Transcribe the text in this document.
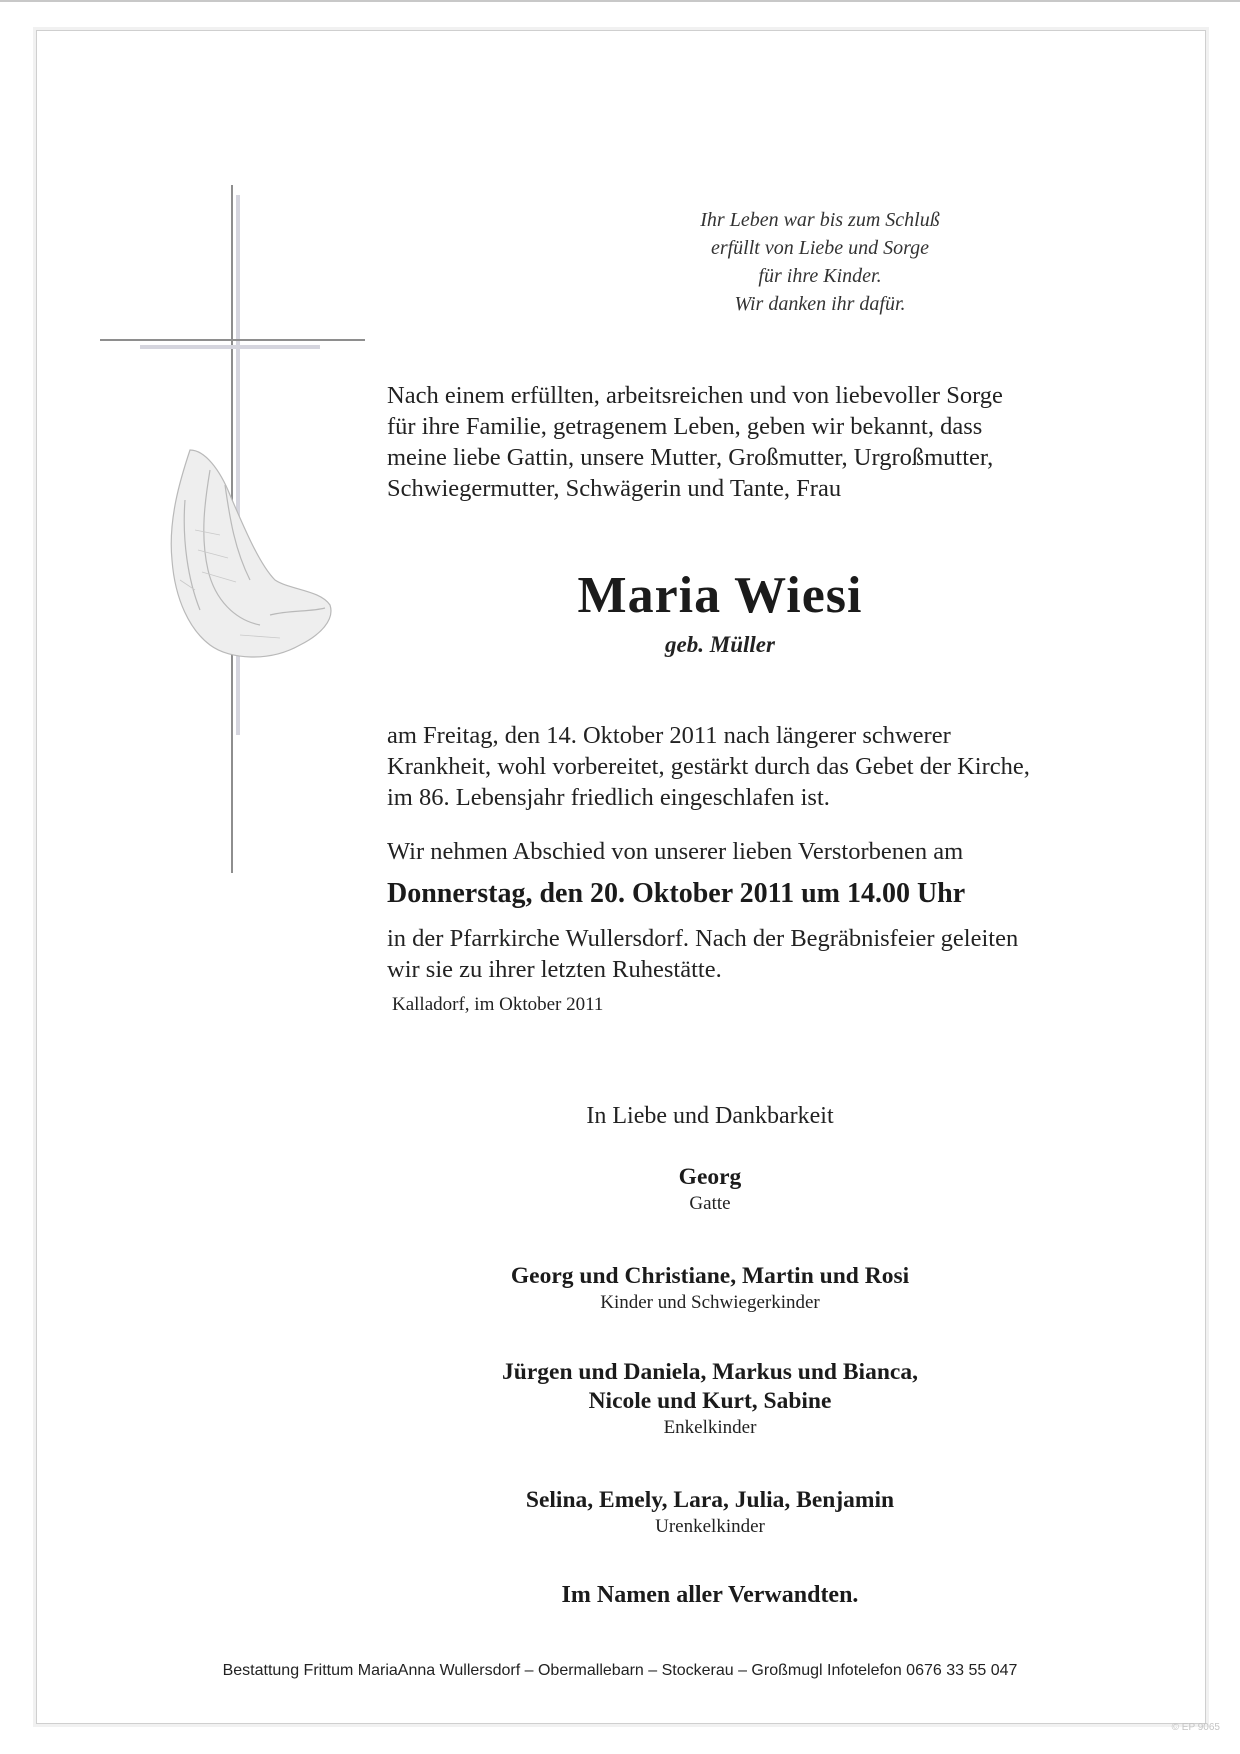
Ihr Leben war bis zum Schluß
erfüllt von Liebe und Sorge
für ihre Kinder.
Wir danken ihr dafür.
Nach einem erfüllten, arbeitsreichen und von liebevoller Sorge
für ihre Familie, getragenem Leben, geben wir bekannt, dass
meine liebe Gattin, unsere Mutter, Großmutter, Urgroßmutter,
Schwiegermutter, Schwägerin und Tante, Frau
Maria Wiesi
geb. Müller
am Freitag, den 14. Oktober 2011 nach längerer schwerer
Krankheit, wohl vorbereitet, gestärkt durch das Gebet der Kirche,
im 86. Lebensjahr friedlich eingeschlafen ist.
Wir nehmen Abschied von unserer lieben Verstorbenen am
Donnerstag, den 20. Oktober 2011 um 14.00 Uhr
in der Pfarrkirche Wullersdorf. Nach der Begräbnisfeier geleiten
wir sie zu ihrer letzten Ruhestätte.
Kalladorf, im Oktober 2011
In Liebe und Dankbarkeit
Georg
Gatte
Georg und Christiane, Martin und Rosi
Kinder und Schwiegerkinder
Jürgen und Daniela, Markus und Bianca,
Nicole und Kurt, Sabine
Enkelkinder
Selina, Emely, Lara, Julia, Benjamin
Urenkelkinder
Im Namen aller Verwandten.
Bestattung Frittum MariaAnna Wullersdorf – Obermallebarn – Stockerau – Großmugl Infotelefon 0676 33 55 047
© EP 9065
